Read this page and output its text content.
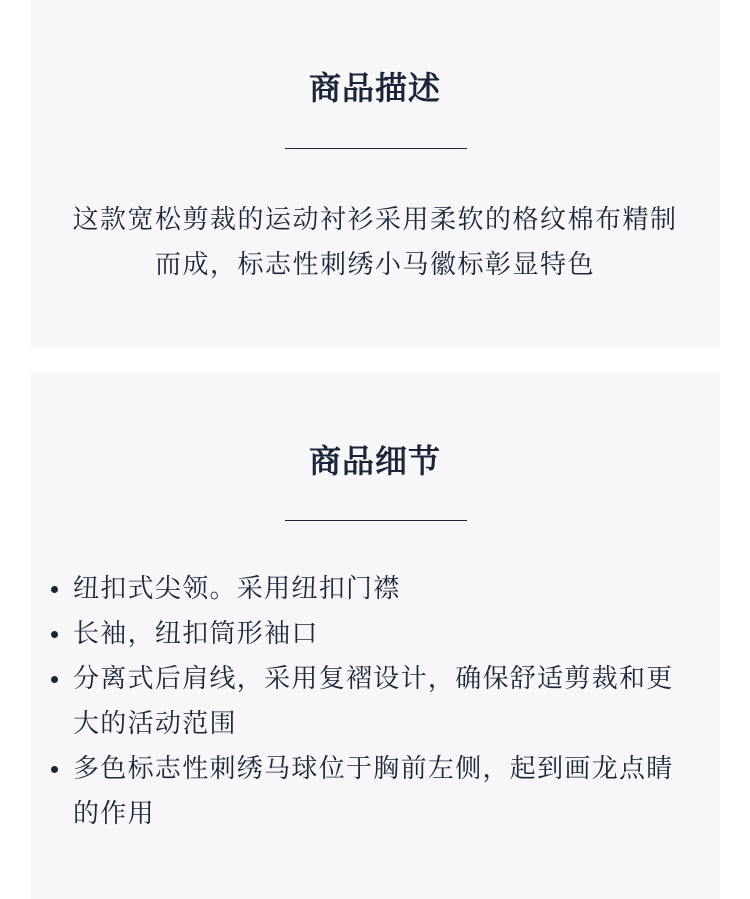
商品描述

这款宽松剪裁的运动衬衫采用柔软的格纹棉布精制而成，标志性刺绣小马徽标彰显特色

商品细节
纽扣式尖领。采用纽扣门襟
长袖，纽扣筒形袖口
分离式后肩线，采用复褶设计，确保舒适剪裁和更大的活动范围
多色标志性刺绣马球位于胸前左侧，起到画龙点睛的作用
